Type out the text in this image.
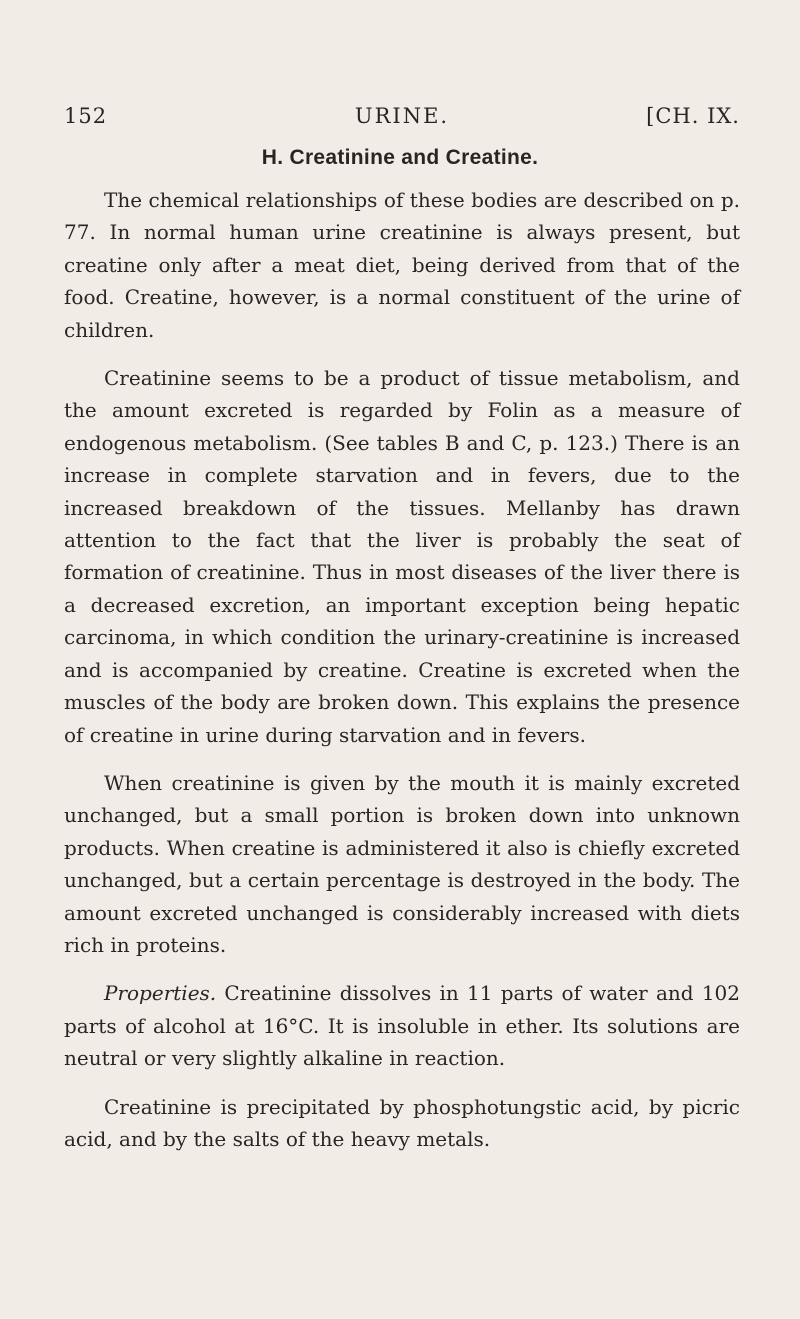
152	URINE.	[CH. IX.
H. Creatinine and Creatine.

The chemical relationships of these bodies are described on p. 77. In normal human urine creatinine is always present, but creatine only after a meat diet, being derived from that of the food. Creatine, however, is a normal constituent of the urine of children.

Creatinine seems to be a product of tissue metabolism, and the amount excreted is regarded by Folin as a measure of endogenous metabolism. (See tables B and C, p. 123.) There is an increase in complete starvation and in fevers, due to the increased breakdown of the tissues. Mellanby has drawn attention to the fact that the liver is probably the seat of formation of creatinine. Thus in most diseases of the liver there is a decreased excretion, an important exception being hepatic carcinoma, in which condition the urinary-creatinine is increased and is accompanied by creatine. Creatine is excreted when the muscles of the body are broken down. This explains the presence of creatine in urine during starvation and in fevers.

When creatinine is given by the mouth it is mainly excreted unchanged, but a small portion is broken down into unknown products. When creatine is administered it also is chiefly excreted unchanged, but a certain percentage is destroyed in the body. The amount excreted unchanged is considerably increased with diets rich in proteins.

Properties. Creatinine dissolves in 11 parts of water and 102 parts of alcohol at 16°C. It is insoluble in ether. Its solutions are neutral or very slightly alkaline in reaction.

Creatinine is precipitated by phosphotungstic acid, by picric acid, and by the salts of the heavy metals.
